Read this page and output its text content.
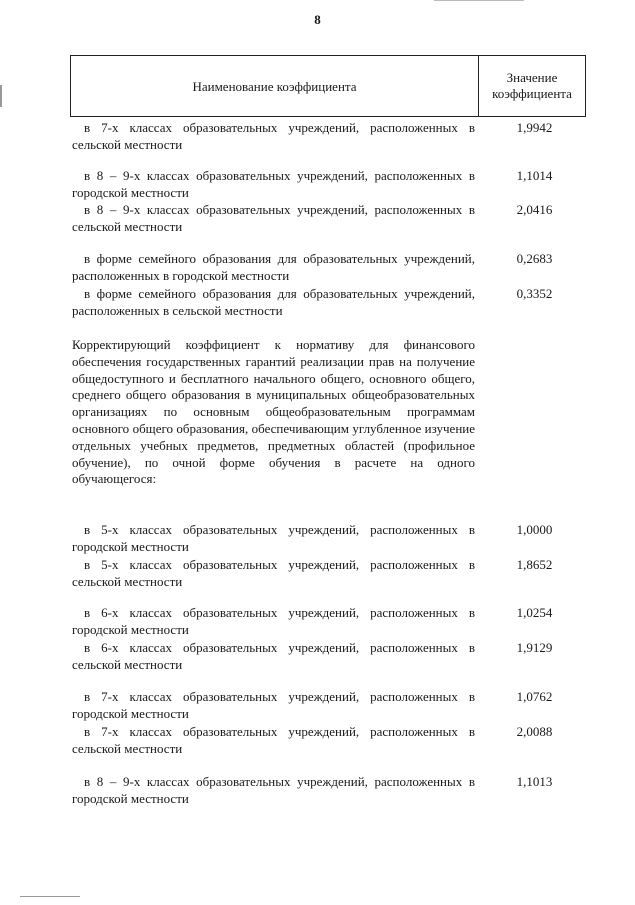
8
Наименование коэффициента
Значение
коэффициента
в 7-х классах образовательных учреждений, расположенных в сельской местности
1,9942
в 8 – 9-х классах образовательных учреждений, расположенных в городской местности
1,1014
в 8 – 9-х классах образовательных учреждений, расположенных в сельской местности
2,0416
в форме семейного образования для образовательных учреждений, расположенных в городской местности
0,2683
в форме семейного образования для образовательных учреждений, расположенных в сельской местности
0,3352
Корректирующий коэффициент к нормативу для финансового обеспечения государственных гарантий реализации прав на получение общедоступного и бесплатного начального общего, основного общего, среднего общего образования в муниципальных общеобразовательных организациях по основным общеобразовательным программам основного общего образования, обеспечивающим углубленное изучение отдельных учебных предметов, предметных областей (профильное обучение), по очной форме обучения в расчете на одного обучающегося:
в 5-х классах образовательных учреждений, расположенных в городской местности
1,0000
в 5-х классах образовательных учреждений, расположенных в сельской местности
1,8652
в 6-х классах образовательных учреждений, расположенных в городской местности
1,0254
в 6-х классах образовательных учреждений, расположенных в сельской местности
1,9129
в 7-х классах образовательных учреждений, расположенных в городской местности
1,0762
в 7-х классах образовательных учреждений, расположенных в сельской местности
2,0088
в 8 – 9-х классах образовательных учреждений, расположенных в городской местности
1,1013
